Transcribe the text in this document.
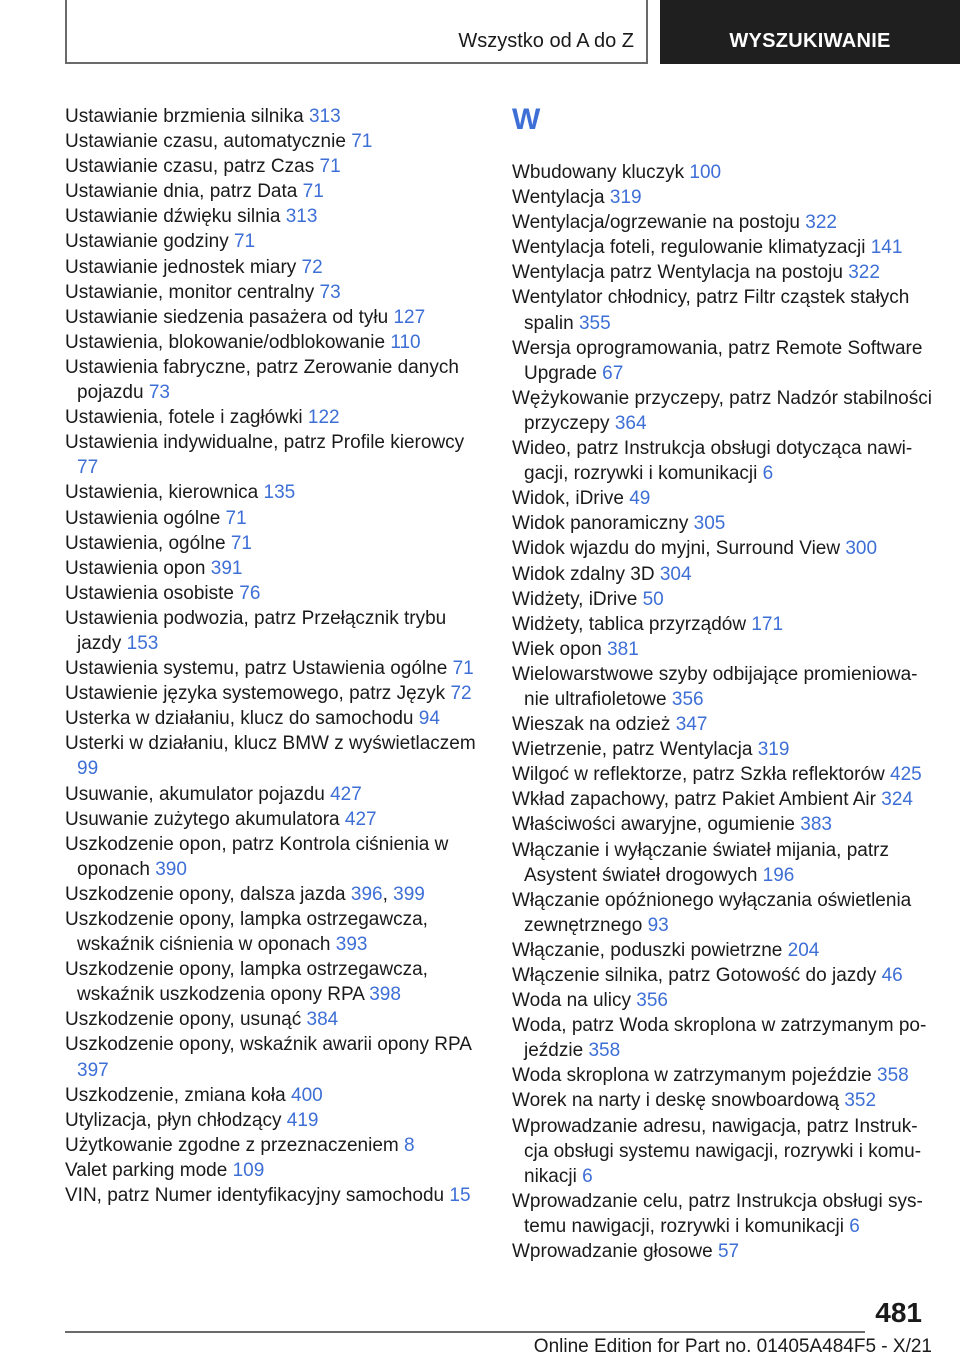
Wszystko od A do Z	WYSZUKIWANIE
Ustawianie brzmienia silnika 313
Ustawianie czasu, automatycznie 71
Ustawianie czasu, patrz Czas 71
Ustawianie dnia, patrz Data 71
Ustawianie dźwięku silnia 313
Ustawianie godziny 71
Ustawianie jednostek miary 72
Ustawianie, monitor centralny 73
Ustawianie siedzenia pasażera od tyłu 127
Ustawienia, blokowanie/odblokowanie 110
Ustawienia fabryczne, patrz Zerowanie danych pojazdu 73
Ustawienia, fotele i zagłówki 122
Ustawienia indywidualne, patrz Profile kierowcy 77
Ustawienia, kierownica 135
Ustawienia ogólne 71
Ustawienia, ogólne 71
Ustawienia opon 391
Ustawienia osobiste 76
Ustawienia podwozia, patrz Przełącznik trybu jazdy 153
Ustawienia systemu, patrz Ustawienia ogólne 71
Ustawienie języka systemowego, patrz Język 72
Usterka w działaniu, klucz do samochodu 94
Usterki w działaniu, klucz BMW z wyświetlaczem 99
Usuwanie, akumulator pojazdu 427
Usuwanie zużytego akumulatora 427
Uszkodzenie opon, patrz Kontrola ciśnienia w oponach 390
Uszkodzenie opony, dalsza jazda 396, 399
Uszkodzenie opony, lampka ostrzegawcza, wskaźnik ciśnienia w oponach 393
Uszkodzenie opony, lampka ostrzegawcza, wskaźnik uszkodzenia opony RPA 398
Uszkodzenie opony, usunąć 384
Uszkodzenie opony, wskaźnik awarii opony RPA 397
Uszkodzenie, zmiana koła 400
Utylizacja, płyn chłodzący 419
Użytkowanie zgodne z przeznaczeniem 8
Valet parking mode 109
VIN, patrz Numer identyfikacyjny samochodu 15
W
Wbudowany kluczyk 100
Wentylacja 319
Wentylacja/ogrzewanie na postoju 322
Wentylacja foteli, regulowanie klimatyzacji 141
Wentylacja patrz Wentylacja na postoju 322
Wentylator chłodnicy, patrz Filtr cząstek stałych spalin 355
Wersja oprogramowania, patrz Remote Software Upgrade 67
Wężykowanie przyczepy, patrz Nadzór stabilności przyczepy 364
Wideo, patrz Instrukcja obsługi dotycząca nawigacji, rozrywki i komunikacji 6
Widok, iDrive 49
Widok panoramiczny 305
Widok wjazdu do myjni, Surround View 300
Widok zdalny 3D 304
Widżety, iDrive 50
Widżety, tablica przyrządów 171
Wiek opon 381
Wielowarstwowe szyby odbijające promieniowanie ultrafioletowe 356
Wieszak na odzież 347
Wietrzenie, patrz Wentylacja 319
Wilgoć w reflektorze, patrz Szkła reflektorów 425
Wkład zapachowy, patrz Pakiet Ambient Air 324
Właściwości awaryjne, ogumienie 383
Włączanie i wyłączanie świateł mijania, patrz Asystent świateł drogowych 196
Włączanie opóźnionego wyłączania oświetlenia zewnętrznego 93
Włączanie, poduszki powietrzne 204
Włączenie silnika, patrz Gotowość do jazdy 46
Woda na ulicy 356
Woda, patrz Woda skroplona w zatrzymanym pojeździe 358
Woda skroplona w zatrzymanym pojeździe 358
Worek na narty i deskę snowboardową 352
Wprowadzanie adresu, nawigacja, patrz Instrukcja obsługi systemu nawigacji, rozrywki i komunikacji 6
Wprowadzanie celu, patrz Instrukcja obsługi systemu nawigacji, rozrywki i komunikacji 6
Wprowadzanie głosowe 57
481
Online Edition for Part no. 01405A484F5 - X/21
